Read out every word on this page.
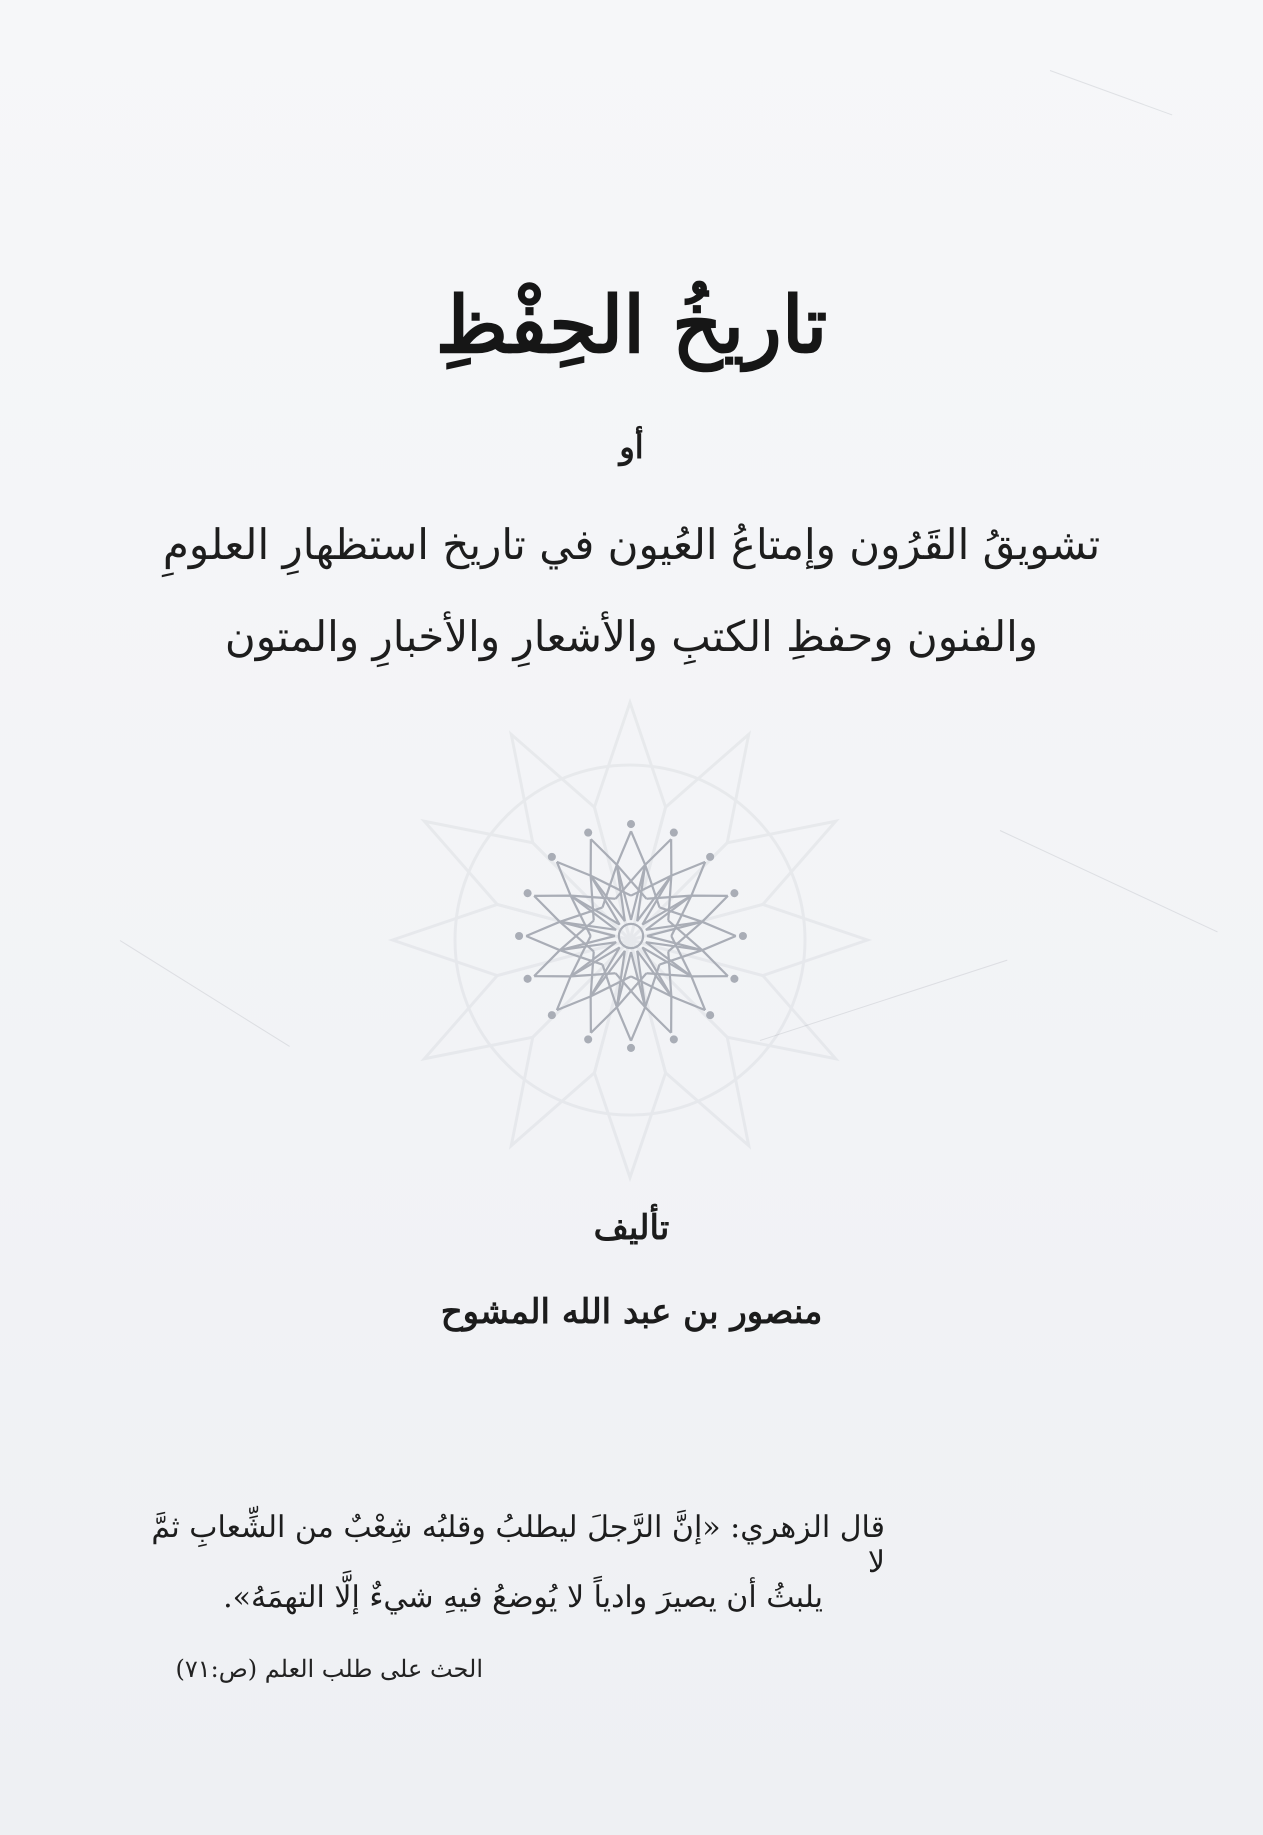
تاريخُ الحِفْظِ
أو
تشويقُ القَرُون وإمتاعُ العُيون في تاريخ استظهارِ العلومِ
والفنون وحفظِ الكتبِ والأشعارِ والأخبارِ والمتون
تأليف
منصور بن عبد الله المشوح
قال الزهري: «إنَّ الرَّجلَ ليطلبُ وقلبُه شِعْبٌ من الشِّعابِ ثمَّ لا
يلبثُ أن يصيرَ وادياً لا يُوضعُ فيهِ شيءٌ إلَّا التهمَهُ».
الحث على طلب العلم (ص:٧١)
